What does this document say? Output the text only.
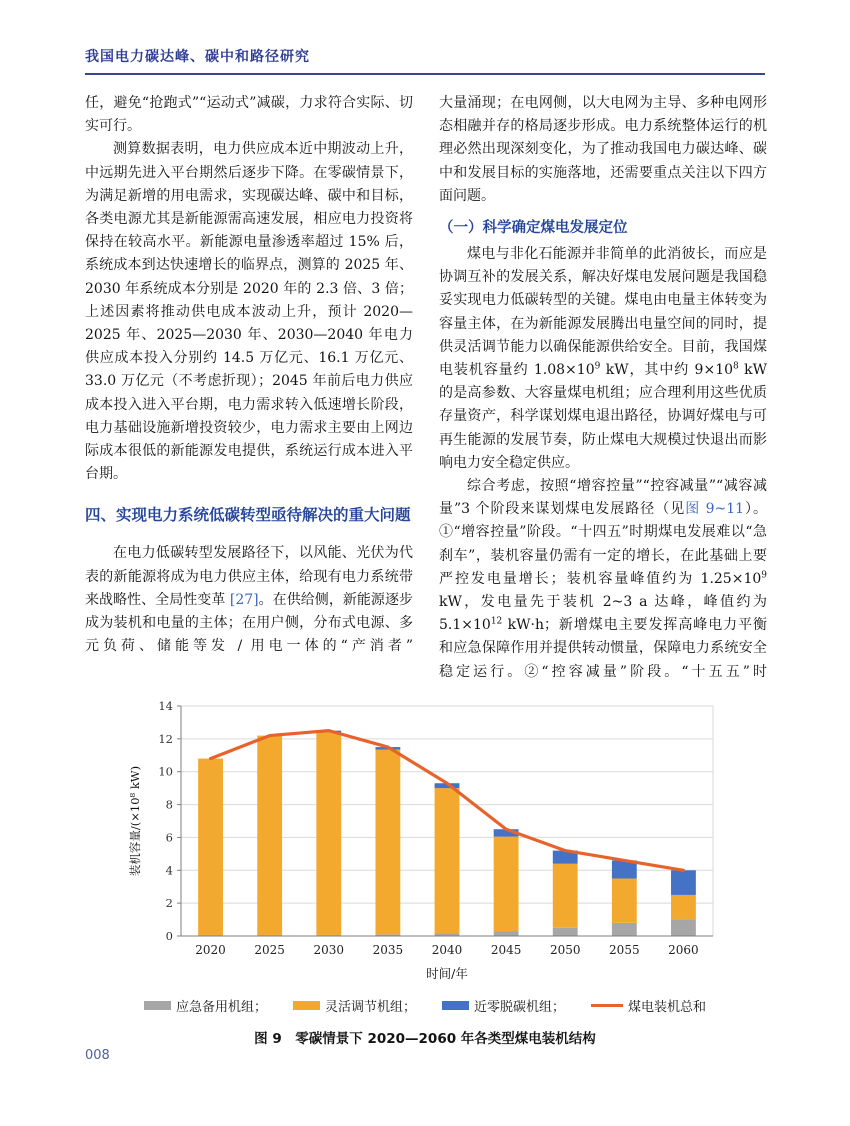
我国电力碳达峰、碳中和路径研究

任，避免“抢跑式”“运动式”减碳，力求符合实际、切实可行。

测算数据表明，电力供应成本近中期波动上升，中远期先进入平台期然后逐步下降。在零碳情景下，为满足新增的用电需求，实现碳达峰、碳中和目标，各类电源尤其是新能源需高速发展，相应电力投资将保持在较高水平。新能源电量渗透率超过 15% 后，系统成本到达快速增长的临界点，测算的 2025 年、2030 年系统成本分别是 2020 年的 2.3 倍、3 倍；上述因素将推动供电成本波动上升，预计 2020—2025 年、2025—2030 年、2030—2040 年电力供应成本投入分别约 14.5 万亿元、16.1 万亿元、33.0 万亿元（不考虑折现）；2045 年前后电力供应成本投入进入平台期，电力需求转入低速增长阶段，电力基础设施新增投资较少，电力需求主要由上网边际成本很低的新能源发电提供，系统运行成本进入平台期。

四、实现电力系统低碳转型亟待解决的重大问题

在电力低碳转型发展路径下，以风能、光伏为代表的新能源将成为电力供应主体，给现有电力系统带来战略性、全局性变革 [27]。在供给侧，新能源逐步成为装机和电量的主体；在用户侧，分布式电源、多元负荷、储能等发 / 用电一体的“产消者”

大量涌现；在电网侧，以大电网为主导、多种电网形态相融并存的格局逐步形成。电力系统整体运行的机理必然出现深刻变化，为了推动我国电力碳达峰、碳中和发展目标的实施落地，还需要重点关注以下四方面问题。

（一）科学确定煤电发展定位

煤电与非化石能源并非简单的此消彼长，而应是协调互补的发展关系，解决好煤电发展问题是我国稳妥实现电力低碳转型的关键。煤电由电量主体转变为容量主体，在为新能源发展腾出电量空间的同时，提供灵活调节能力以确保能源供给安全。目前，我国煤电装机容量约 $1.08\times 10^9$ kW，其中约 $9\times 10^8$ kW 的是高参数、大容量煤电机组；应合理利用这些优质存量资产，科学谋划煤电退出路径，协调好煤电与可再生能源的发展节奏，防止煤电大规模过快退出而影响电力安全稳定供应。

综合考虑，按照“增容控量”“控容减量”“减容减量”3 个阶段来谋划煤电发展路径（见图 9~11）。①“增容控量”阶段。“十四五”时期煤电发展难以“急刹车”，装机容量仍需有一定的增长，在此基础上要严控发电量增长；装机容量峰值约为 $1.25\times 10^9$ kW，发电量先于装机 2~3 a 达峰，峰值约为 $5.1\times 10^{12}$ kW·h；新增煤电主要发挥高峰电力平衡和应急保障作用并提供转动惯量，保障电力系统安全稳定运行。②“控容减量”阶段。“十五五”时

0
2
4
6
8
10
12
14
2020 2025 2030 2035 2040 2045 2050 2055 2060
时间/年
装机容量/(×10⁸ kW)
应急备用机组；	灵活调节机组；	近零脱碳机组；	煤电装机总和
图 9　零碳情景下 2020—2060 年各类型煤电装机结构
008
